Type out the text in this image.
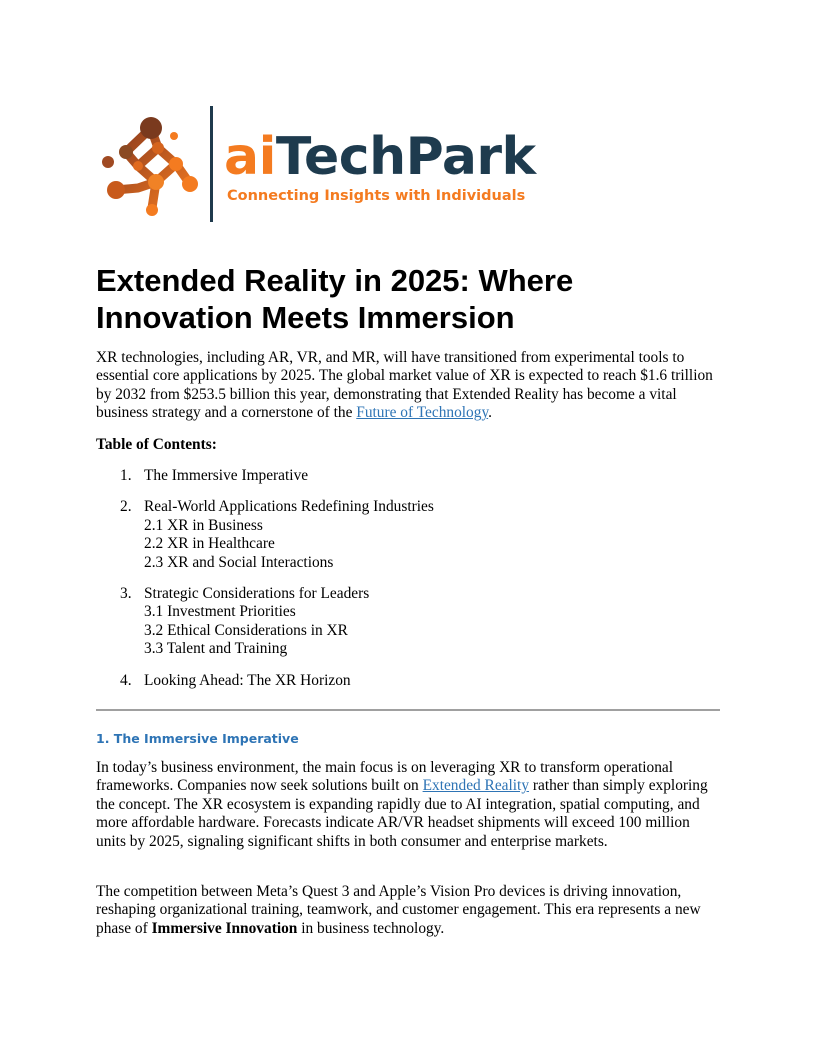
aiTechPark
Connecting Insights with Individuals
Extended Reality in 2025: Where Innovation Meets Immersion

XR technologies, including AR, VR, and MR, will have transitioned from experimental tools to essential core applications by 2025. The global market value of XR is expected to reach $1.6 trillion by 2032 from $253.5 billion this year, demonstrating that Extended Reality has become a vital business strategy and a cornerstone of the Future of Technology.

Table of Contents:

1. The Immersive Imperative
2. Real-World Applications Redefining Industries
2.1 XR in Business
2.2 XR in Healthcare
2.3 XR and Social Interactions
3. Strategic Considerations for Leaders
3.1 Investment Priorities
3.2 Ethical Considerations in XR
3.3 Talent and Training
4. Looking Ahead: The XR Horizon
1. The Immersive Imperative

In today’s business environment, the main focus is on leveraging XR to transform operational frameworks. Companies now seek solutions built on Extended Reality rather than simply exploring the concept. The XR ecosystem is expanding rapidly due to AI integration, spatial computing, and more affordable hardware. Forecasts indicate AR/VR headset shipments will exceed 100 million units by 2025, signaling significant shifts in both consumer and enterprise markets.

The competition between Meta’s Quest 3 and Apple’s Vision Pro devices is driving innovation, reshaping organizational training, teamwork, and customer engagement. This era represents a new phase of Immersive Innovation in business technology.
